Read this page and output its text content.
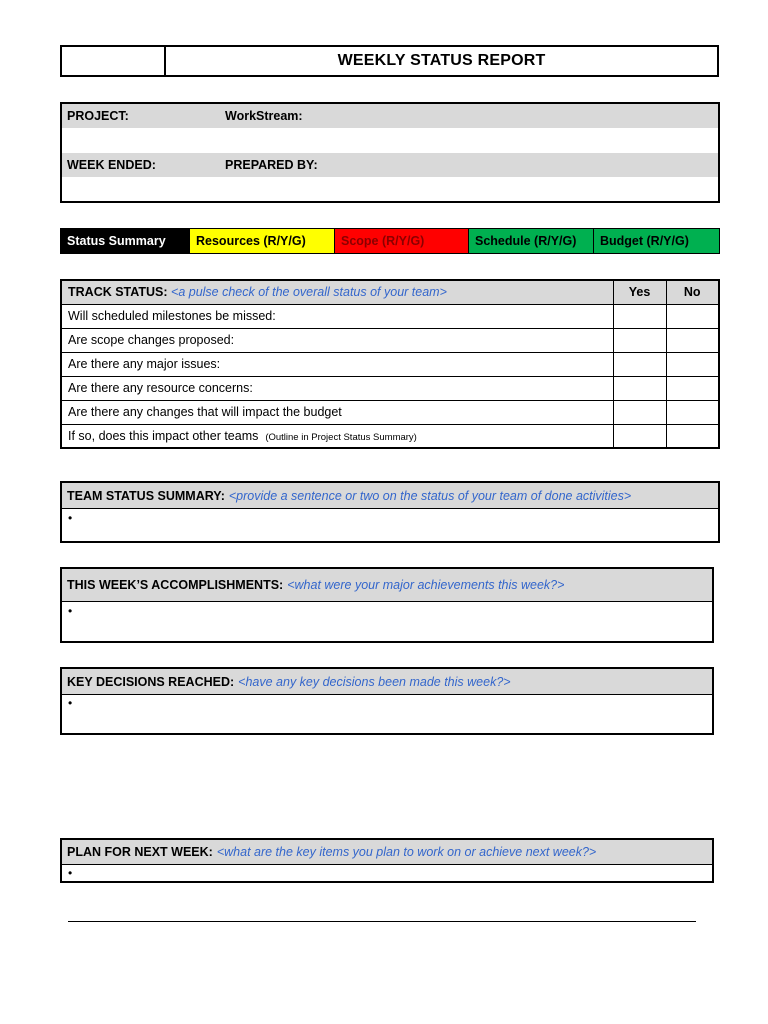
WEEKLY STATUS REPORT
PROJECT:	WorkStream:
WEEK ENDED:	PREPARED BY:
Status Summary	Resources (R/Y/G)	Scope (R/Y/G)	Schedule (R/Y/G)	Budget (R/Y/G)
TRACK STATUS: <a pulse check of the overall status of your team>	Yes	No
Will scheduled milestones be missed:		
Are scope changes proposed:		
Are there any major issues:		
Are there any resource concerns:		
Are there any changes that will impact the budget		
If so, does this impact other teams (Outline in Project Status Summary)		
TEAM STATUS SUMMARY: <provide a sentence or two on the status of your team of done activities>
•
THIS WEEK’S ACCOMPLISHMENTS: <what were your major achievements this week?>
•
KEY DECISIONS REACHED: <have any key decisions been made this week?>
•
PLAN FOR NEXT WEEK: <what are the key items you plan to work on or achieve next week?>
•
